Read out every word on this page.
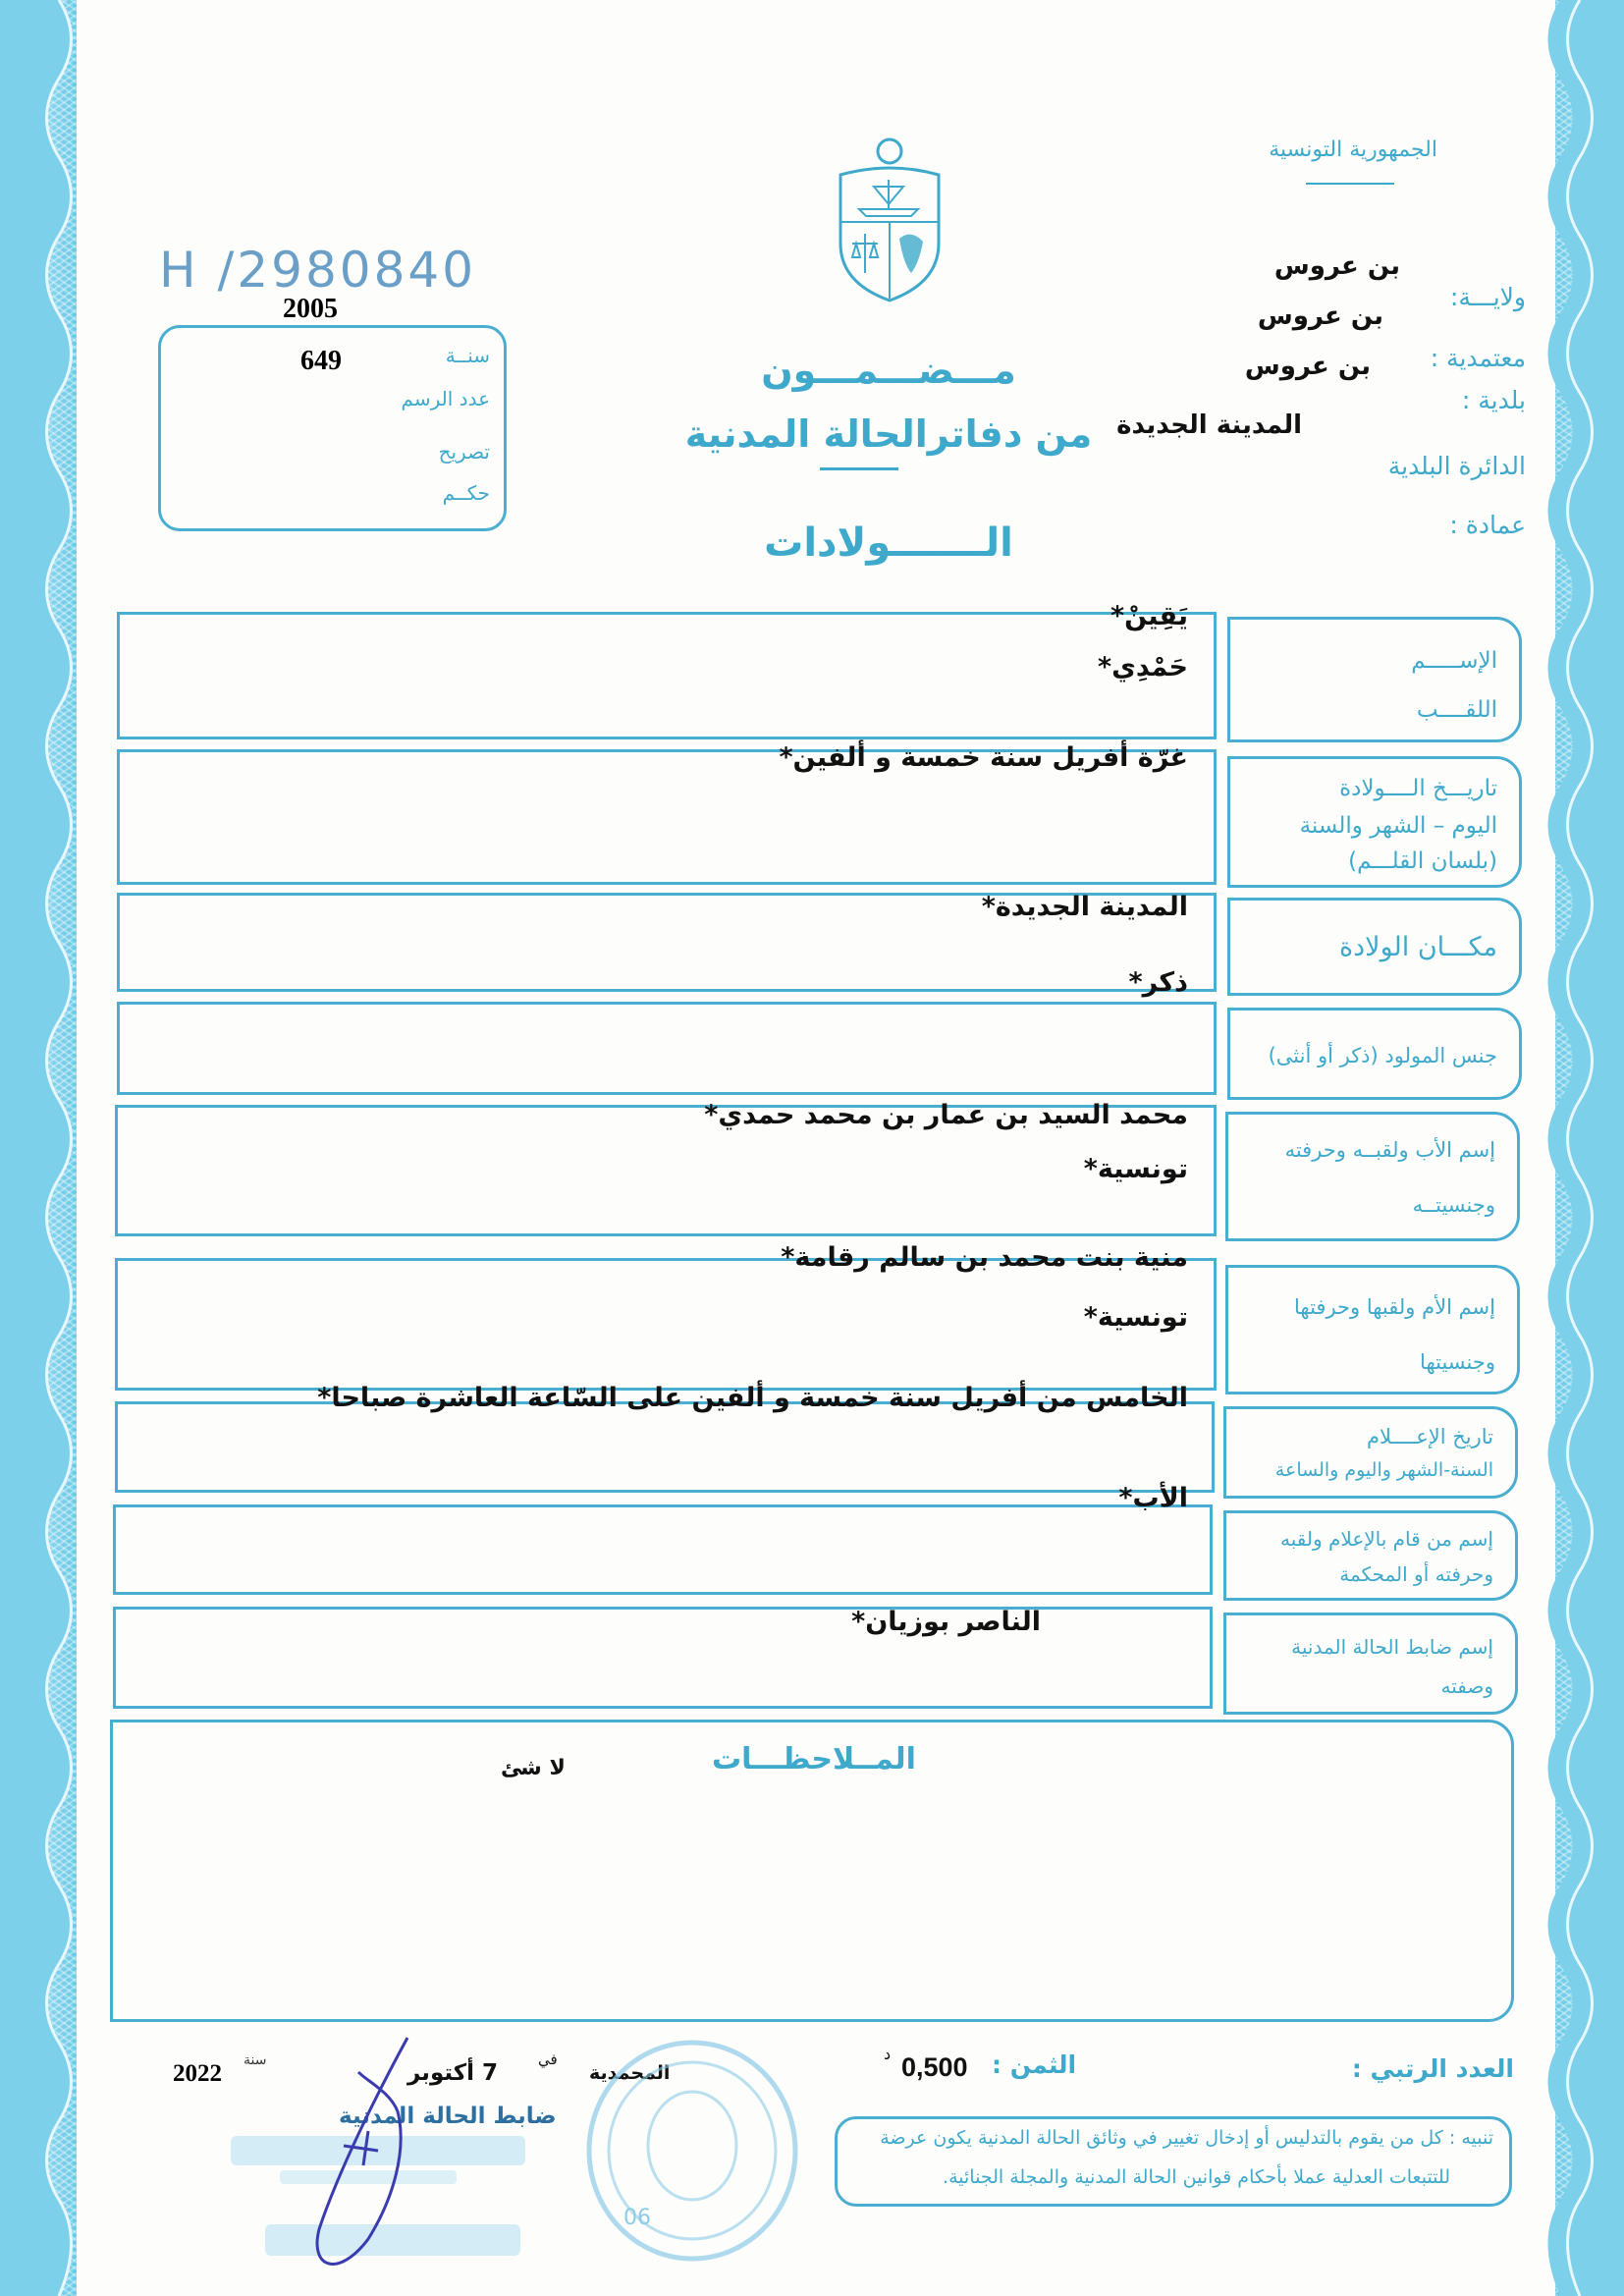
الجمهورية التونسية
H /2980840
2005
سنــة
649
عدد الرسم
تصريح
حكــم
مـــضـــمـــون
من دفاترالحالة المدنية
الـــــــولادات
ولايـــة:
بن عروس
معتمدية :
بن عروس
بلدية :
بن عروس
الدائرة البلدية
المدينة الجديدة
عمادة :
الإســـــم
اللقــــب
يَقِينْ*
حَمْدِي*
تاريـــخ الــــولادة
اليوم – الشهر والسنة
(بلسان القلـــم)
غرّة أفريل سنة خمسة و ألفين*
مكـــان الولادة
المدينة الجديدة*
جنس المولود (ذكر أو أنثى)
ذكر*
إسم الأب ولقبــه وحرفته
وجنسيتــه
محمد السيد بن عمار بن محمد حمدي*
تونسية*
إسم الأم ولقبها وحرفتها
وجنسيتها
منية بنت محمد بن سالم رقامة*
تونسية*
تاريخ الإعــــلام
السنة-الشهر واليوم والساعة
الخامس من أفريل سنة خمسة و ألفين على السّاعة العاشرة صباحا*
إسم من قام بالإعلام ولقبه
وحرفته أو المحكمة
الأب*
إسم ضابط الحالة المدنية
وصفته
الناصر بوزيان*
المــلاحظـــات
لا شئ
العدد الرتبي :
الثمن :
0,500
د
المحمدية
في
7 أكتوبر
سنة
2022
ضابط الحالة المدنية
06
تنبيه : كل من يقوم بالتدليس أو إدخال تغيير في وثائق الحالة المدنية يكون عرضة
للتتبعات العدلية عملا بأحكام قوانين الحالة المدنية والمجلة الجنائية.
